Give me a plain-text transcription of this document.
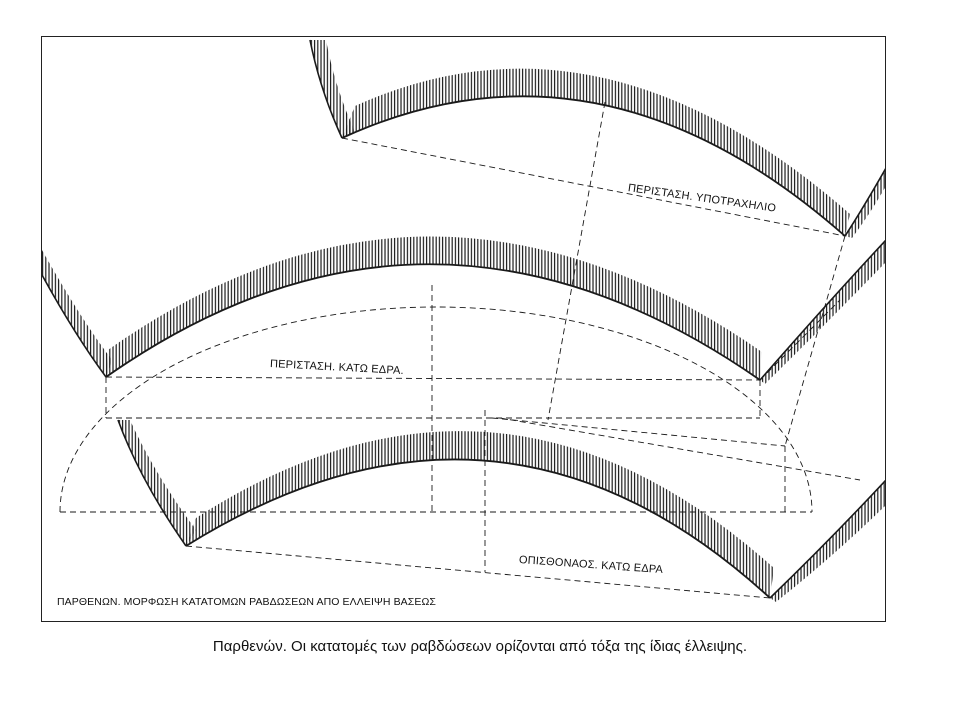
ΠΕΡΙΣΤΑΣΗ. ΥΠΟΤΡΑΧΗΛΙΟ
ΠΕΡΙΣΤΑΣΗ. ΚΑΤΩ ΕΔΡΑ.
ΟΠΙΣΘΟΝΑΟΣ. ΚΑΤΩ ΕΔΡΑ
ΠΑΡΘΕΝΩΝ. ΜΟΡΦΩΣΗ ΚΑΤΑΤΟΜΩΝ ΡΑΒΔΩΣΕΩΝ ΑΠΟ ΕΛΛΕΙΨΗ ΒΑΣΕΩΣ
Παρθενών. Οι κατατομές των ραβδώσεων ορίζονται από τόξα της ίδιας έλλειψης.
